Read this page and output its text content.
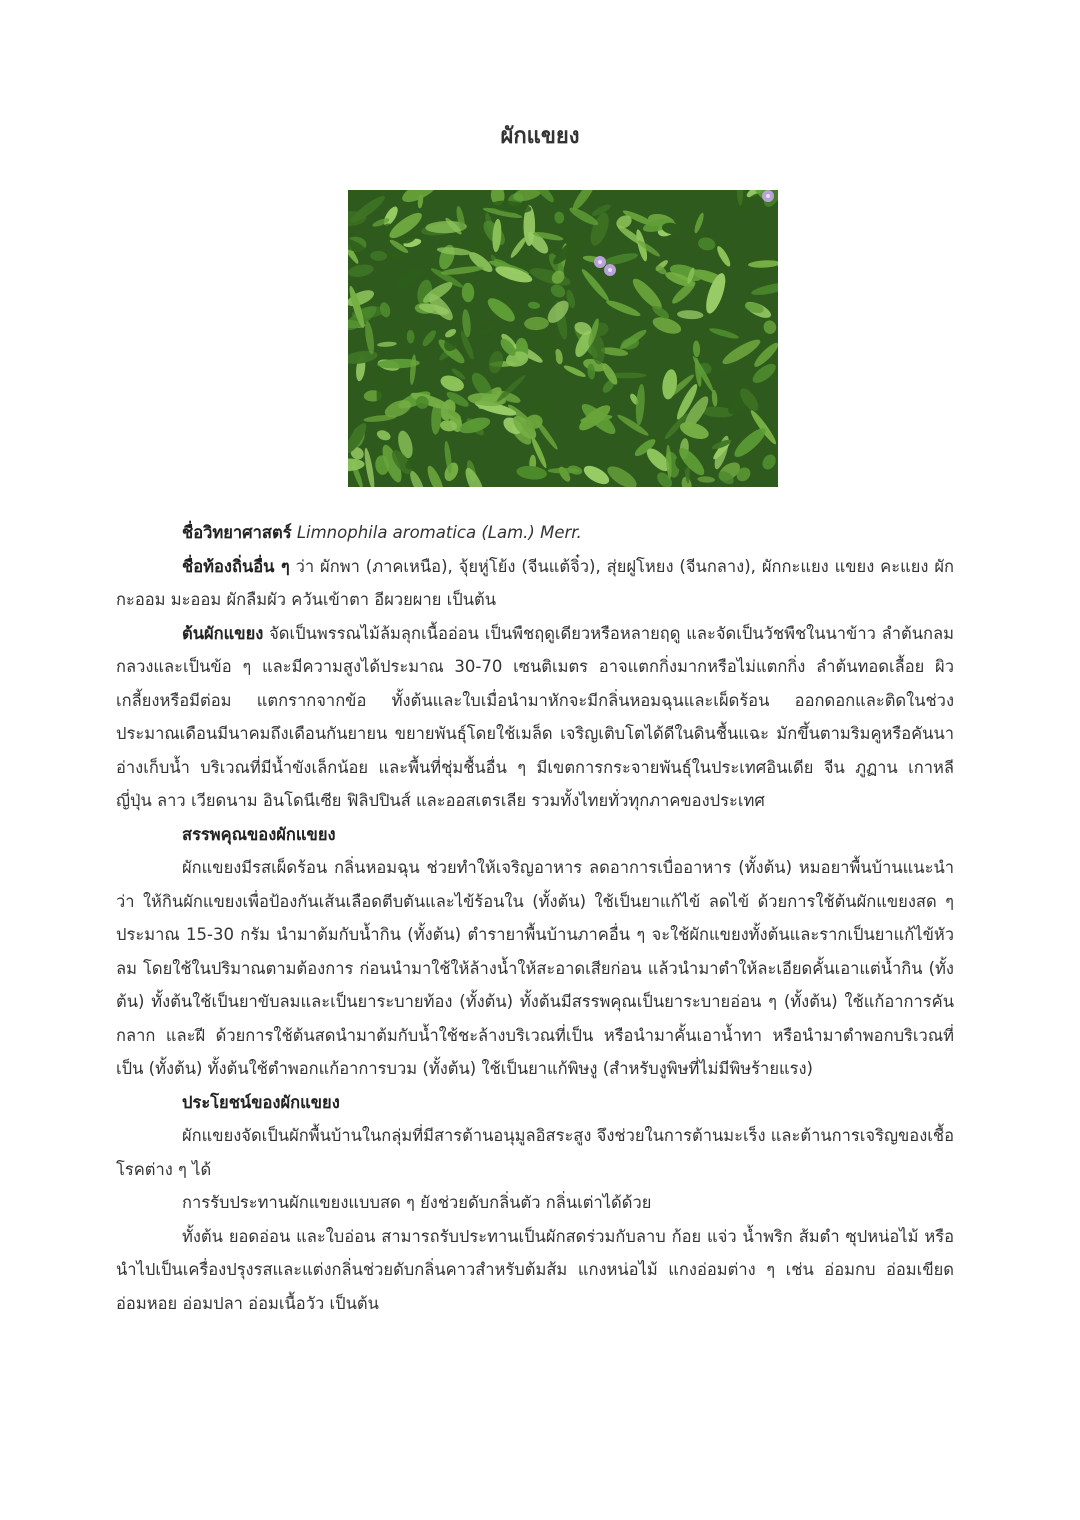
ผักแขยง

ชื่อวิทยาศาสตร์ Limnophila aromatica (Lam.) Merr.

ชื่อท้องถิ่นอื่น ๆ ว่า ผักพา (ภาคเหนือ), จุ้ยหู่โย้ง (จีนแต้จิ๋ว), สุ่ยฝูโหยง (จีนกลาง), ผักกะแยง แขยง คะแยง ผักกะออม มะออม ผักลืมผัว ควันเข้าตา อีผวยผาย เป็นต้น

ต้นผักแขยง จัดเป็นพรรณไม้ล้มลุกเนื้ออ่อน เป็นพืชฤดูเดียวหรือหลายฤดู และจัดเป็นวัชพืชในนาข้าว ลำต้นกลมกลวงและเป็นข้อ ๆ และมีความสูงได้ประมาณ 30-70 เซนติเมตร อาจแตกกิ่งมากหรือไม่แตกกิ่ง ลำต้นทอดเลื้อย ผิวเกลี้ยงหรือมีต่อม แตกรากจากข้อ ทั้งต้นและใบเมื่อนำมาหักจะมีกลิ่นหอมฉุนและเผ็ดร้อน ออกดอกและติดในช่วงประมาณเดือนมีนาคมถึงเดือนกันยายน ขยายพันธุ์โดยใช้เมล็ด เจริญเติบโตได้ดีในดินชื้นแฉะ มักขึ้นตามริมคูหรือคันนา อ่างเก็บน้ำ บริเวณที่มีน้ำขังเล็กน้อย และพื้นที่ชุ่มชื้นอื่น ๆ มีเขตการกระจายพันธุ์ในประเทศอินเดีย จีน ภูฏาน เกาหลี ญี่ปุ่น ลาว เวียดนาม อินโดนีเซีย ฟิลิปปินส์ และออสเตรเลีย รวมทั้งไทยทั่วทุกภาคของประเทศ

สรรพคุณของผักแขยง

ผักแขยงมีรสเผ็ดร้อน กลิ่นหอมฉุน ช่วยทำให้เจริญอาหาร ลดอาการเบื่ออาหาร (ทั้งต้น) หมอยาพื้นบ้านแนะนำว่า ให้กินผักแขยงเพื่อป้องกันเส้นเลือดตีบตันและไข้ร้อนใน (ทั้งต้น) ใช้เป็นยาแก้ไข้ ลดไข้ ด้วยการใช้ต้นผักแขยงสด ๆ ประมาณ 15-30 กรัม นำมาต้มกับน้ำกิน (ทั้งต้น) ตำรายาพื้นบ้านภาคอื่น ๆ จะใช้ผักแขยงทั้งต้นและรากเป็นยาแก้ไข้หัวลม โดยใช้ในปริมาณตามต้องการ ก่อนนำมาใช้ให้ล้างน้ำให้สะอาดเสียก่อน แล้วนำมาตำให้ละเอียดคั้นเอาแต่น้ำกิน (ทั้งต้น) ทั้งต้นใช้เป็นยาขับลมและเป็นยาระบายท้อง (ทั้งต้น) ทั้งต้นมีสรรพคุณเป็นยาระบายอ่อน ๆ (ทั้งต้น) ใช้แก้อาการคัน กลาก และฝี ด้วยการใช้ต้นสดนำมาต้มกับน้ำใช้ชะล้างบริเวณที่เป็น หรือนำมาคั้นเอาน้ำทา หรือนำมาตำพอกบริเวณที่เป็น (ทั้งต้น) ทั้งต้นใช้ตำพอกแก้อาการบวม (ทั้งต้น) ใช้เป็นยาแก้พิษงู (สำหรับงูพิษที่ไม่มีพิษร้ายแรง)

ประโยชน์ของผักแขยง

ผักแขยงจัดเป็นผักพื้นบ้านในกลุ่มที่มีสารต้านอนุมูลอิสระสูง จึงช่วยในการต้านมะเร็ง และต้านการเจริญของเชื้อโรคต่าง ๆ ได้

การรับประทานผักแขยงแบบสด ๆ ยังช่วยดับกลิ่นตัว กลิ่นเต่าได้ด้วย

ทั้งต้น ยอดอ่อน และใบอ่อน สามารถรับประทานเป็นผักสดร่วมกับลาบ ก้อย แจ่ว น้ำพริก ส้มตำ ซุปหน่อไม้ หรือนำไปเป็นเครื่องปรุงรสและแต่งกลิ่นช่วยดับกลิ่นคาวสำหรับต้มส้ม แกงหน่อไม้ แกงอ่อมต่าง ๆ เช่น อ่อมกบ อ่อมเขียด อ่อมหอย อ่อมปลา อ่อมเนื้อวัว เป็นต้น
